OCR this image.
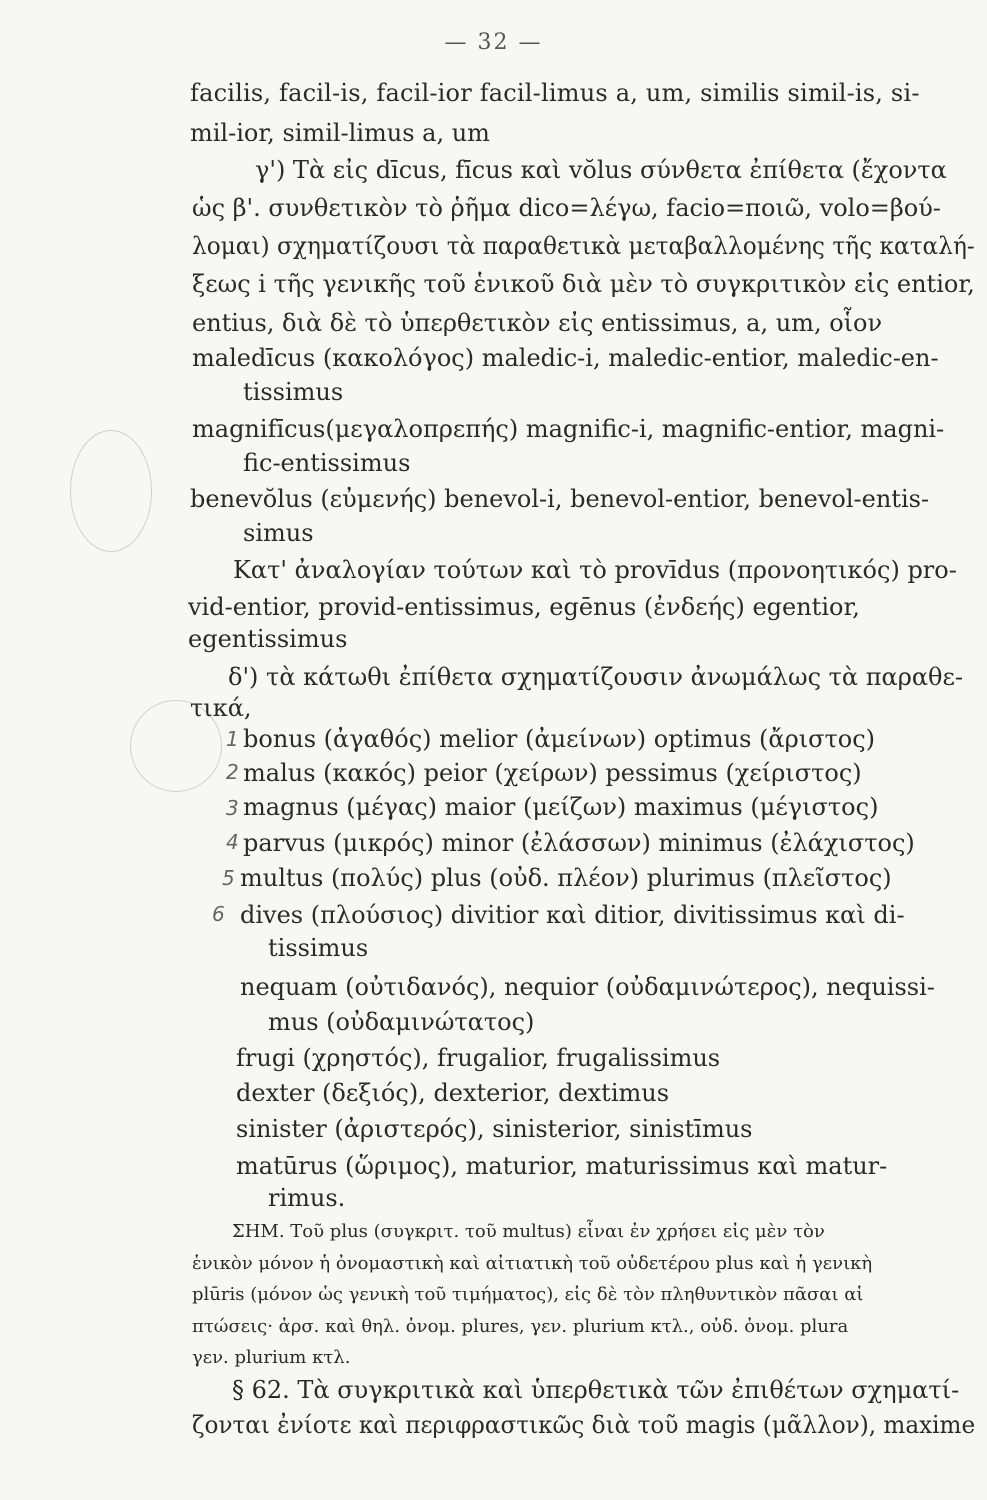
— 32 —
facilis, facil-is, facil-ior facil-limus a, um, similis simil-is, si-
mil-ior, simil-limus a, um
γ') Τὰ εἰς dīcus, fīcus καὶ vŏlus σύνθετα ἐπίθετα (ἔχοντα
ὡς β'. συνθετικὸν τὸ ῥῆμα dico=λέγω, facio=ποιῶ, volo=βού-
λομαι) σχηματίζουσι τὰ παραθετικὰ μεταβαλλομένης τῆς καταλή-
ξεως i τῆς γενικῆς τοῦ ἑνικοῦ διὰ μὲν τὸ συγκριτικὸν εἰς entior,
entius, διὰ δὲ τὸ ὑπερθετικὸν εἰς entissimus, a, um, οἷον
maledīcus (κακολόγος) maledic-i, maledic-entior, maledic-en-
tissimus
magnifīcus(μεγαλοπρεπής) magnific-i, magnific-entior, magni-
fic-entissimus
benevŏlus (εὐμενής) benevol-i, benevol-entior, benevol-entis-
simus
Κατ' ἀναλογίαν τούτων καὶ τὸ provīdus (προνοητικός) pro-
vid-entior, provid-entissimus, egēnus (ἐνδεής) egentior,
egentissimus
δ') τὰ κάτωθι ἐπίθετα σχηματίζουσιν ἀνωμάλως τὰ παραθε-
τικά,
bonus (ἀγαθός) melior (ἀμείνων) optimus (ἄριστος)
malus (κακός) peior (χείρων) pessimus (χείριστος)
magnus (μέγας) maior (μείζων) maximus (μέγιστος)
parvus (μικρός) minor (ἐλάσσων) minimus (ἐλάχιστος)
multus (πολύς) plus (οὐδ. πλέον) plurimus (πλεῖστος)
dives (πλούσιος) divitior καὶ ditior, divitissimus καὶ di-
tissimus
nequam (οὐτιδανός), nequior (οὐδαμινώτερος), nequissi-
mus (οὐδαμινώτατος)
frugi (χρηστός), frugalior, frugalissimus
dexter (δεξιός), dexterior, dextimus
sinister (ἀριστερός), sinisterior, sinistīmus
matūrus (ὥριμος), maturior, maturissimus καὶ matur-
rimus.
ΣΗΜ. Τοῦ plus (συγκριτ. τοῦ multus) εἶναι ἐν χρήσει εἰς μὲν τὸν
ἑνικὸν μόνον ἡ ὀνομαστικὴ καὶ αἰτιατικὴ τοῦ οὐδετέρου plus καὶ ἡ γενικὴ
plūris (μόνον ὡς γενικὴ τοῦ τιμήματος), εἰς δὲ τὸν πληθυντικὸν πᾶσαι αἱ
πτώσεις· ἀρσ. καὶ θηλ. ὀνομ. plures, γεν. plurium κτλ., οὐδ. ὀνομ. plura
γεν. plurium κτλ.
§ 62. Τὰ συγκριτικὰ καὶ ὑπερθετικὰ τῶν ἐπιθέτων σχηματί-
ζονται ἐνίοτε καὶ περιφραστικῶς διὰ τοῦ magis (μᾶλλον), maxime
1
2
3
4
5
6
